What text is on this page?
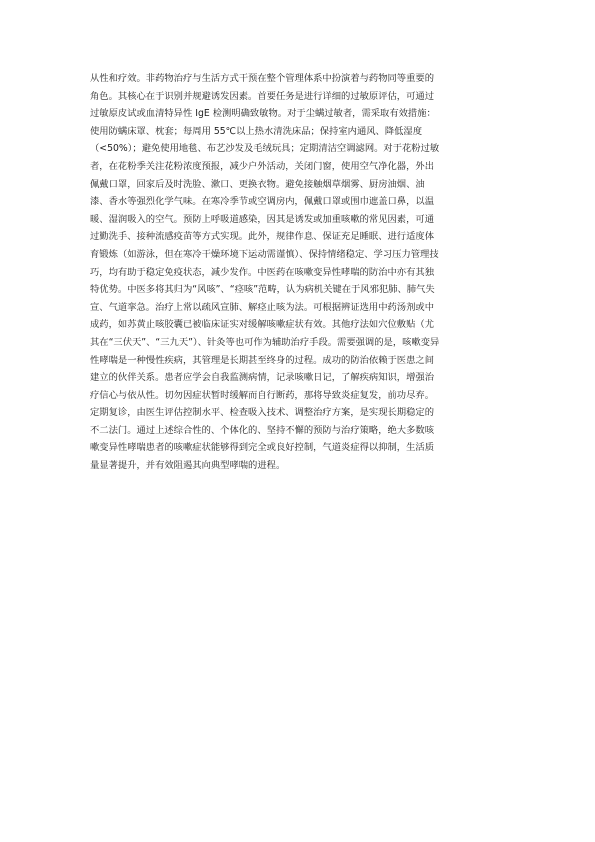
从性和疗效。非药物治疗与生活方式干预在整个管理体系中扮演着与药物同等重要的
角色。其核心在于识别并规避诱发因素。首要任务是进行详细的过敏原评估，可通过
过敏原皮试或血清特异性 IgE 检测明确致敏物。对于尘螨过敏者，需采取有效措施：
使用防螨床罩、枕套；每周用 55℃以上热水清洗床品；保持室内通风、降低湿度
（<50%）；避免使用地毯、布艺沙发及毛绒玩具；定期清洁空调滤网。对于花粉过敏
者，在花粉季关注花粉浓度预报，减少户外活动，关闭门窗，使用空气净化器，外出
佩戴口罩，回家后及时洗脸、漱口、更换衣物。避免接触烟草烟雾、厨房油烟、油
漆、香水等强烈化学气味。在寒冷季节或空调房内，佩戴口罩或围巾遮盖口鼻，以温
暖、湿润吸入的空气。预防上呼吸道感染，因其是诱发或加重咳嗽的常见因素，可通
过勤洗手、接种流感疫苗等方式实现。此外，规律作息、保证充足睡眠、进行适度体
育锻炼（如游泳，但在寒冷干燥环境下运动需谨慎）、保持情绪稳定、学习压力管理技
巧，均有助于稳定免疫状态，减少发作。中医药在咳嗽变异性哮喘的防治中亦有其独
特优势。中医多将其归为“风咳”、“痉咳”范畴，认为病机关键在于风邪犯肺、肺气失
宣、气道挛急。治疗上常以疏风宣肺、解痉止咳为法。可根据辨证选用中药汤剂或中
成药，如苏黄止咳胶囊已被临床证实对缓解咳嗽症状有效。其他疗法如穴位敷贴（尤
其在“三伏天”、“三九天”）、针灸等也可作为辅助治疗手段。需要强调的是，咳嗽变异
性哮喘是一种慢性疾病，其管理是长期甚至终身的过程。成功的防治依赖于医患之间
建立的伙伴关系。患者应学会自我监测病情，记录咳嗽日记，了解疾病知识，增强治
疗信心与依从性。切勿因症状暂时缓解而自行断药，那将导致炎症复发，前功尽弃。
定期复诊，由医生评估控制水平、检查吸入技术、调整治疗方案，是实现长期稳定的
不二法门。通过上述综合性的、个体化的、坚持不懈的预防与治疗策略，绝大多数咳
嗽变异性哮喘患者的咳嗽症状能够得到完全或良好控制，气道炎症得以抑制，生活质
量显著提升，并有效阻遏其向典型哮喘的进程。
